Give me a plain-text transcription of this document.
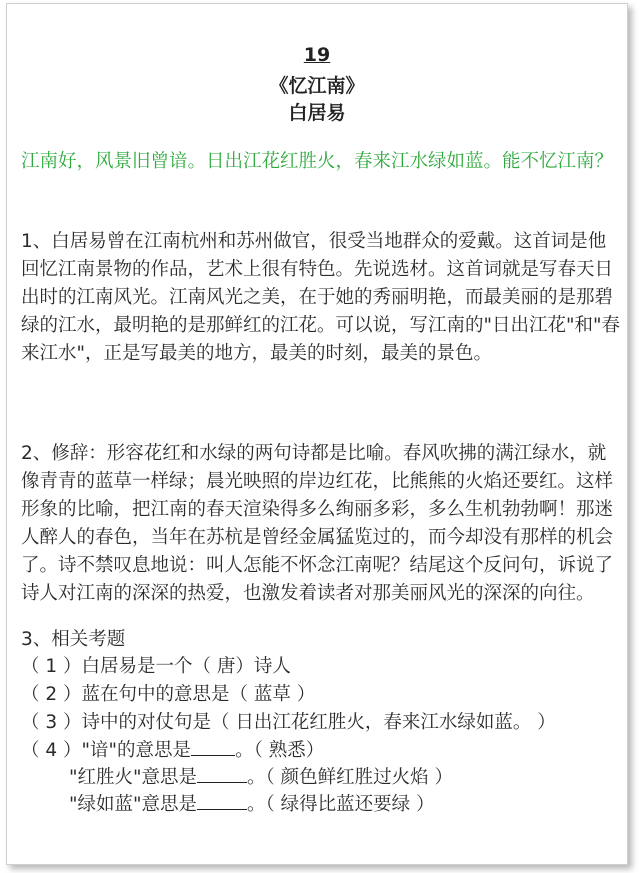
19
《忆江南》
白居易
江南好，风景旧曾谙。日出江花红胜火，春来江水绿如蓝。能不忆江南？
1、白居易曾在江南杭州和苏州做官，很受当地群众的爱戴。这首词是他回忆江南景物的作品，艺术上很有特色。先说选材。这首词就是写春天日出时的江南风光。江南风光之美，在于她的秀丽明艳，而最美丽的是那碧绿的江水，最明艳的是那鲜红的江花。可以说，写江南的"日出江花"和"春来江水"，正是写最美的地方，最美的时刻，最美的景色。
2、修辞：形容花红和水绿的两句诗都是比喻。春风吹拂的满江绿水，就像青青的蓝草一样绿；晨光映照的岸边红花，比熊熊的火焰还要红。这样形象的比喻，把江南的春天渲染得多么绚丽多彩，多么生机勃勃啊！那迷人醉人的春色，当年在苏杭是曾经金属猛览过的，而今却没有那样的机会了。诗不禁叹息地说：叫人怎能不怀念江南呢？结尾这个反问句，诉说了诗人对江南的深深的热爱，也激发着读者对那美丽风光的深深的向往。
3、相关考题
（ 1 ）白居易是一个（ 唐）诗人
（ 2 ）蓝在句中的意思是（ 蓝草 ）
（ 3 ）诗中的对仗句是（ 日出江花红胜火，春来江水绿如蓝。 ）
（ 4 ）"谙"的意思是 。（ 熟悉）
"红胜火"意思是	。（ 颜色鲜红胜过火焰 ）
"绿如蓝"意思是	。（ 绿得比蓝还要绿 ）
